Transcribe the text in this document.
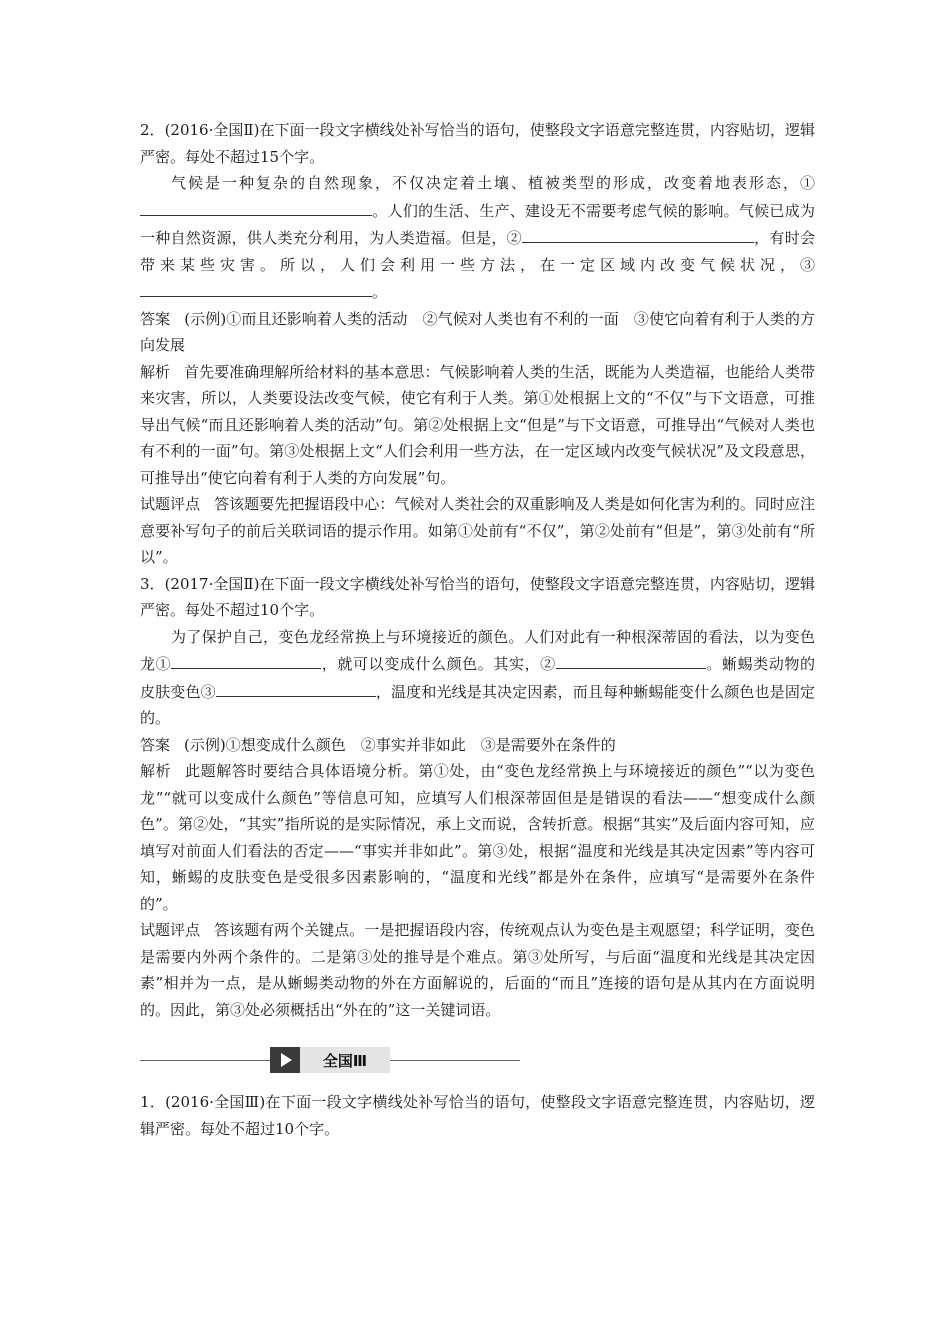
2．(2016·全国Ⅱ)在下面一段文字横线处补写恰当的语句，使整段文字语意完整连贯，内容贴切，逻辑严密。每处不超过15个字。

气候是一种复杂的自然现象，不仅决定着土壤、植被类型的形成，改变着地表形态，①。人们的生活、生产、建设无不需要考虑气候的影响。气候已成为一种自然资源，供人类充分利用，为人类造福。但是，②	，有时会带来某些灾害。所以，人们会利用一些方法，在一定区域内改变气候状况，③。

答案 (示例)①而且还影响着人类的活动　②气候对人类也有不利的一面　③使它向着有利于人类的方向发展

解析 首先要准确理解所给材料的基本意思：气候影响着人类的生活，既能为人类造福，也能给人类带来灾害，所以，人类要设法改变气候，使它有利于人类。第①处根据上文的“不仅”与下文语意，可推导出气候“而且还影响着人类的活动”句。第②处根据上文“但是”与下文语意，可推导出“气候对人类也有不利的一面”句。第③处根据上文“人们会利用一些方法，在一定区域内改变气候状况”及文段意思，可推导出“使它向着有利于人类的方向发展”句。

试题评点 答该题要先把握语段中心：气候对人类社会的双重影响及人类是如何化害为利的。同时应注意要补写句子的前后关联词语的提示作用。如第①处前有“不仅”，第②处前有“但是”，第③处前有“所以”。

3．(2017·全国Ⅱ)在下面一段文字横线处补写恰当的语句，使整段文字语意完整连贯，内容贴切，逻辑严密。每处不超过10个字。

为了保护自己，变色龙经常换上与环境接近的颜色。人们对此有一种根深蒂固的看法，以为变色龙①	，就可以变成什么颜色。其实，②	。蜥蜴类动物的皮肤变色③	，温度和光线是其决定因素，而且每种蜥蜴能变什么颜色也是固定的。

答案 (示例)①想变成什么颜色　②事实并非如此　③是需要外在条件的

解析 此题解答时要结合具体语境分析。第①处，由“变色龙经常换上与环境接近的颜色”“以为变色龙”“就可以变成什么颜色”等信息可知，应填写人们根深蒂固但是是错误的看法——“想变成什么颜色”。第②处，“其实”指所说的是实际情况，承上文而说，含转折意。根据“其实”及后面内容可知，应填写对前面人们看法的否定——“事实并非如此”。第③处，根据“温度和光线是其决定因素”等内容可知，蜥蜴的皮肤变色是受很多因素影响的，“温度和光线”都是外在条件，应填写“是需要外在条件的”。

试题评点 答该题有两个关键点。一是把握语段内容，传统观点认为变色是主观愿望；科学证明，变色是需要内外两个条件的。二是第③处的推导是个难点。第③处所写，与后面“温度和光线是其决定因素”相并为一点，是从蜥蜴类动物的外在方面解说的，后面的“而且”连接的语句是从其内在方面说明的。因此，第③处必须概括出“外在的”这一关键词语。

全国Ⅲ

1．(2016·全国Ⅲ)在下面一段文字横线处补写恰当的语句，使整段文字语意完整连贯，内容贴切，逻辑严密。每处不超过10个字。
